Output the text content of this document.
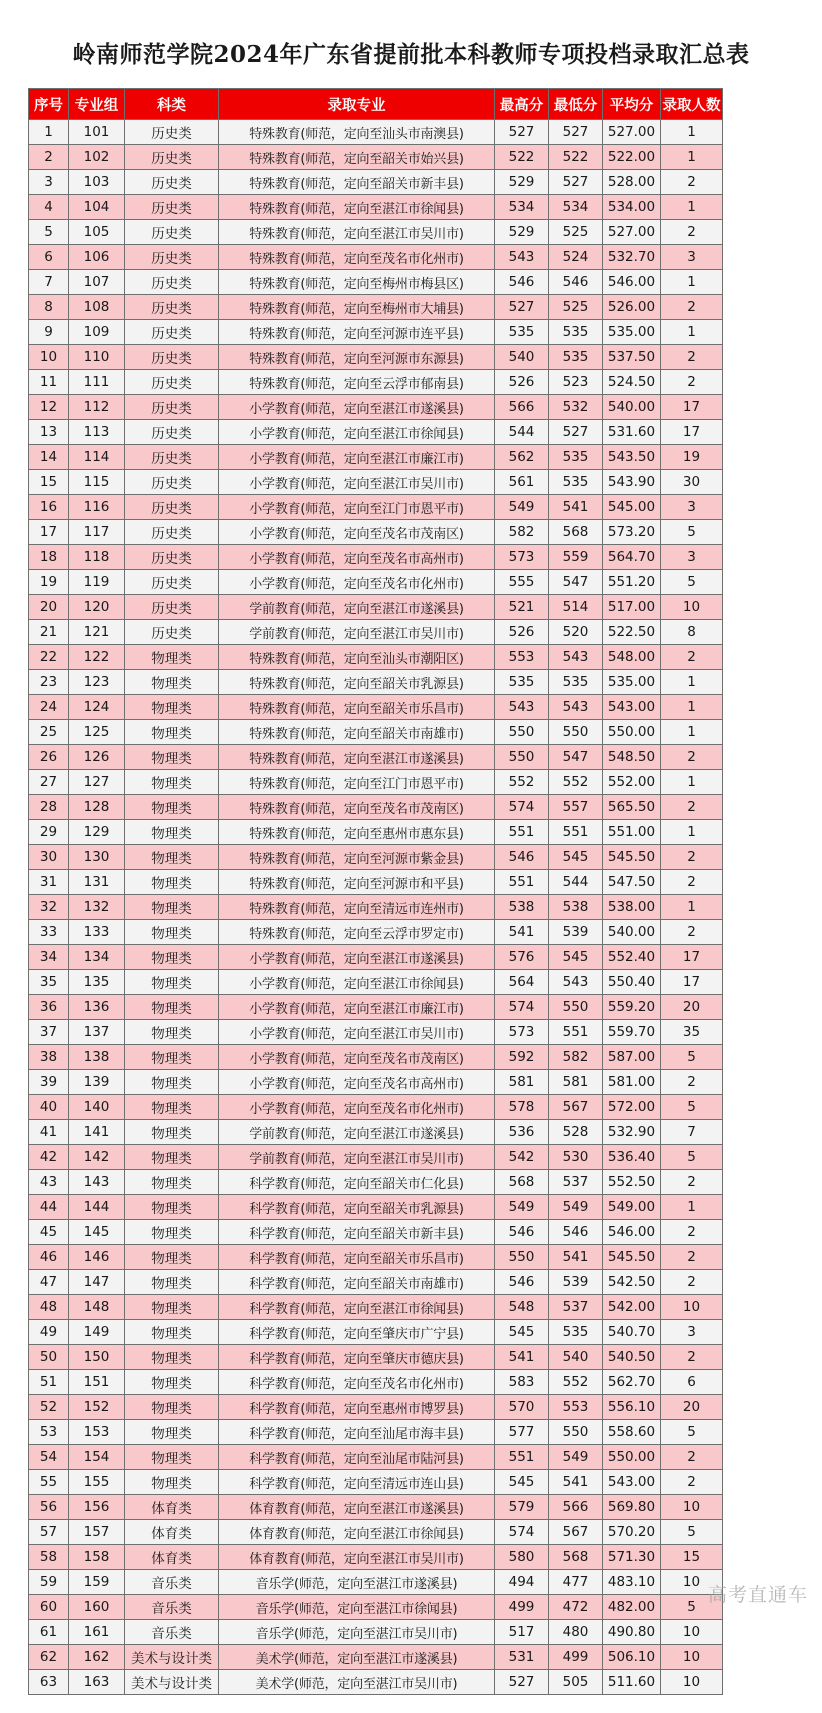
岭南师范学院2024年广东省提前批本科教师专项投档录取汇总表
序号	专业组	科类	录取专业	最高分	最低分	平均分	录取人数
1	101	历史类	特殊教育(师范，定向至汕头市南澳县)	527	527	527.00	1
2	102	历史类	特殊教育(师范，定向至韶关市始兴县)	522	522	522.00	1
3	103	历史类	特殊教育(师范，定向至韶关市新丰县)	529	527	528.00	2
4	104	历史类	特殊教育(师范，定向至湛江市徐闻县)	534	534	534.00	1
5	105	历史类	特殊教育(师范，定向至湛江市吴川市)	529	525	527.00	2
6	106	历史类	特殊教育(师范，定向至茂名市化州市)	543	524	532.70	3
7	107	历史类	特殊教育(师范，定向至梅州市梅县区)	546	546	546.00	1
8	108	历史类	特殊教育(师范，定向至梅州市大埔县)	527	525	526.00	2
9	109	历史类	特殊教育(师范，定向至河源市连平县)	535	535	535.00	1
10	110	历史类	特殊教育(师范，定向至河源市东源县)	540	535	537.50	2
11	111	历史类	特殊教育(师范，定向至云浮市郁南县)	526	523	524.50	2
12	112	历史类	小学教育(师范，定向至湛江市遂溪县)	566	532	540.00	17
13	113	历史类	小学教育(师范，定向至湛江市徐闻县)	544	527	531.60	17
14	114	历史类	小学教育(师范，定向至湛江市廉江市)	562	535	543.50	19
15	115	历史类	小学教育(师范，定向至湛江市吴川市)	561	535	543.90	30
16	116	历史类	小学教育(师范，定向至江门市恩平市)	549	541	545.00	3
17	117	历史类	小学教育(师范，定向至茂名市茂南区)	582	568	573.20	5
18	118	历史类	小学教育(师范，定向至茂名市高州市)	573	559	564.70	3
19	119	历史类	小学教育(师范，定向至茂名市化州市)	555	547	551.20	5
20	120	历史类	学前教育(师范，定向至湛江市遂溪县)	521	514	517.00	10
21	121	历史类	学前教育(师范，定向至湛江市吴川市)	526	520	522.50	8
22	122	物理类	特殊教育(师范，定向至汕头市潮阳区)	553	543	548.00	2
23	123	物理类	特殊教育(师范，定向至韶关市乳源县)	535	535	535.00	1
24	124	物理类	特殊教育(师范，定向至韶关市乐昌市)	543	543	543.00	1
25	125	物理类	特殊教育(师范，定向至韶关市南雄市)	550	550	550.00	1
26	126	物理类	特殊教育(师范，定向至湛江市遂溪县)	550	547	548.50	2
27	127	物理类	特殊教育(师范，定向至江门市恩平市)	552	552	552.00	1
28	128	物理类	特殊教育(师范，定向至茂名市茂南区)	574	557	565.50	2
29	129	物理类	特殊教育(师范，定向至惠州市惠东县)	551	551	551.00	1
30	130	物理类	特殊教育(师范，定向至河源市紫金县)	546	545	545.50	2
31	131	物理类	特殊教育(师范，定向至河源市和平县)	551	544	547.50	2
32	132	物理类	特殊教育(师范，定向至清远市连州市)	538	538	538.00	1
33	133	物理类	特殊教育(师范，定向至云浮市罗定市)	541	539	540.00	2
34	134	物理类	小学教育(师范，定向至湛江市遂溪县)	576	545	552.40	17
35	135	物理类	小学教育(师范，定向至湛江市徐闻县)	564	543	550.40	17
36	136	物理类	小学教育(师范，定向至湛江市廉江市)	574	550	559.20	20
37	137	物理类	小学教育(师范，定向至湛江市吴川市)	573	551	559.70	35
38	138	物理类	小学教育(师范，定向至茂名市茂南区)	592	582	587.00	5
39	139	物理类	小学教育(师范，定向至茂名市高州市)	581	581	581.00	2
40	140	物理类	小学教育(师范，定向至茂名市化州市)	578	567	572.00	5
41	141	物理类	学前教育(师范，定向至湛江市遂溪县)	536	528	532.90	7
42	142	物理类	学前教育(师范，定向至湛江市吴川市)	542	530	536.40	5
43	143	物理类	科学教育(师范，定向至韶关市仁化县)	568	537	552.50	2
44	144	物理类	科学教育(师范，定向至韶关市乳源县)	549	549	549.00	1
45	145	物理类	科学教育(师范，定向至韶关市新丰县)	546	546	546.00	2
46	146	物理类	科学教育(师范，定向至韶关市乐昌市)	550	541	545.50	2
47	147	物理类	科学教育(师范，定向至韶关市南雄市)	546	539	542.50	2
48	148	物理类	科学教育(师范，定向至湛江市徐闻县)	548	537	542.00	10
49	149	物理类	科学教育(师范，定向至肇庆市广宁县)	545	535	540.70	3
50	150	物理类	科学教育(师范，定向至肇庆市德庆县)	541	540	540.50	2
51	151	物理类	科学教育(师范，定向至茂名市化州市)	583	552	562.70	6
52	152	物理类	科学教育(师范，定向至惠州市博罗县)	570	553	556.10	20
53	153	物理类	科学教育(师范，定向至汕尾市海丰县)	577	550	558.60	5
54	154	物理类	科学教育(师范，定向至汕尾市陆河县)	551	549	550.00	2
55	155	物理类	科学教育(师范，定向至清远市连山县)	545	541	543.00	2
56	156	体育类	体育教育(师范，定向至湛江市遂溪县)	579	566	569.80	10
57	157	体育类	体育教育(师范，定向至湛江市徐闻县)	574	567	570.20	5
58	158	体育类	体育教育(师范，定向至湛江市吴川市)	580	568	571.30	15
59	159	音乐类	音乐学(师范，定向至湛江市遂溪县)	494	477	483.10	10
60	160	音乐类	音乐学(师范，定向至湛江市徐闻县)	499	472	482.00	5
61	161	音乐类	音乐学(师范，定向至湛江市吴川市)	517	480	490.80	10
62	162	美术与设计类	美术学(师范，定向至湛江市遂溪县)	531	499	506.10	10
63	163	美术与设计类	美术学(师范，定向至湛江市吴川市)	527	505	511.60	10
高考直通车
